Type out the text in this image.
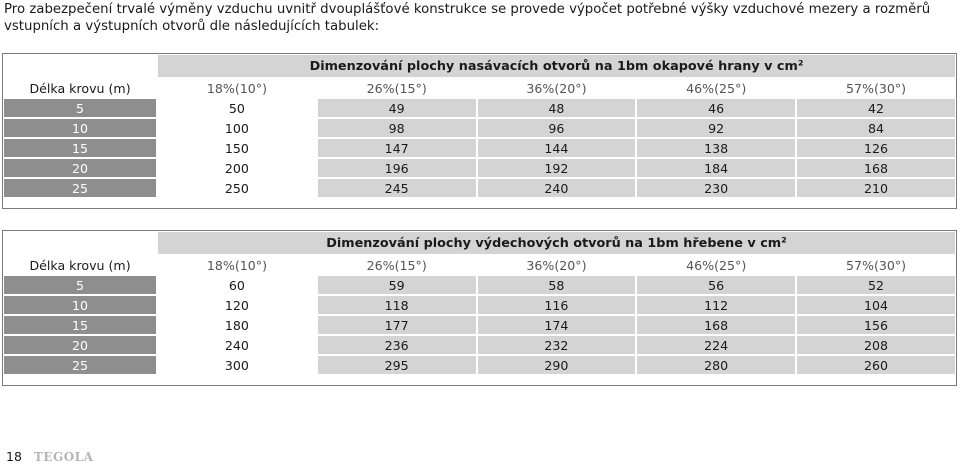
Pro zabezpečení trvalé výměny vzduchu uvnitř dvouplášťové konstrukce se provede výpočet potřebné výšky vzduchové mezery a rozměrů vstupních a výstupních otvorů dle následujících tabulek:
	Dimenzování plochy nasávacích otvorů na 1bm okapové hrany v cm²				
Délka krovu (m)	18%(10°)	26%(15°)	36%(20°)	46%(25°)	57%(30°)
5	50	49	48	46	42
10	100	98	96	92	84
15	150	147	144	138	126
20	200	196	192	184	168
25	250	245	240	230	210
	Dimenzování plochy výdechových otvorů na 1bm hřebene v cm²				
Délka krovu (m)	18%(10°)	26%(15°)	36%(20°)	46%(25°)	57%(30°)
5	60	59	58	56	52
10	120	118	116	112	104
15	180	177	174	168	156
20	240	236	232	224	208
25	300	295	290	280	260
18 TEGOLA
